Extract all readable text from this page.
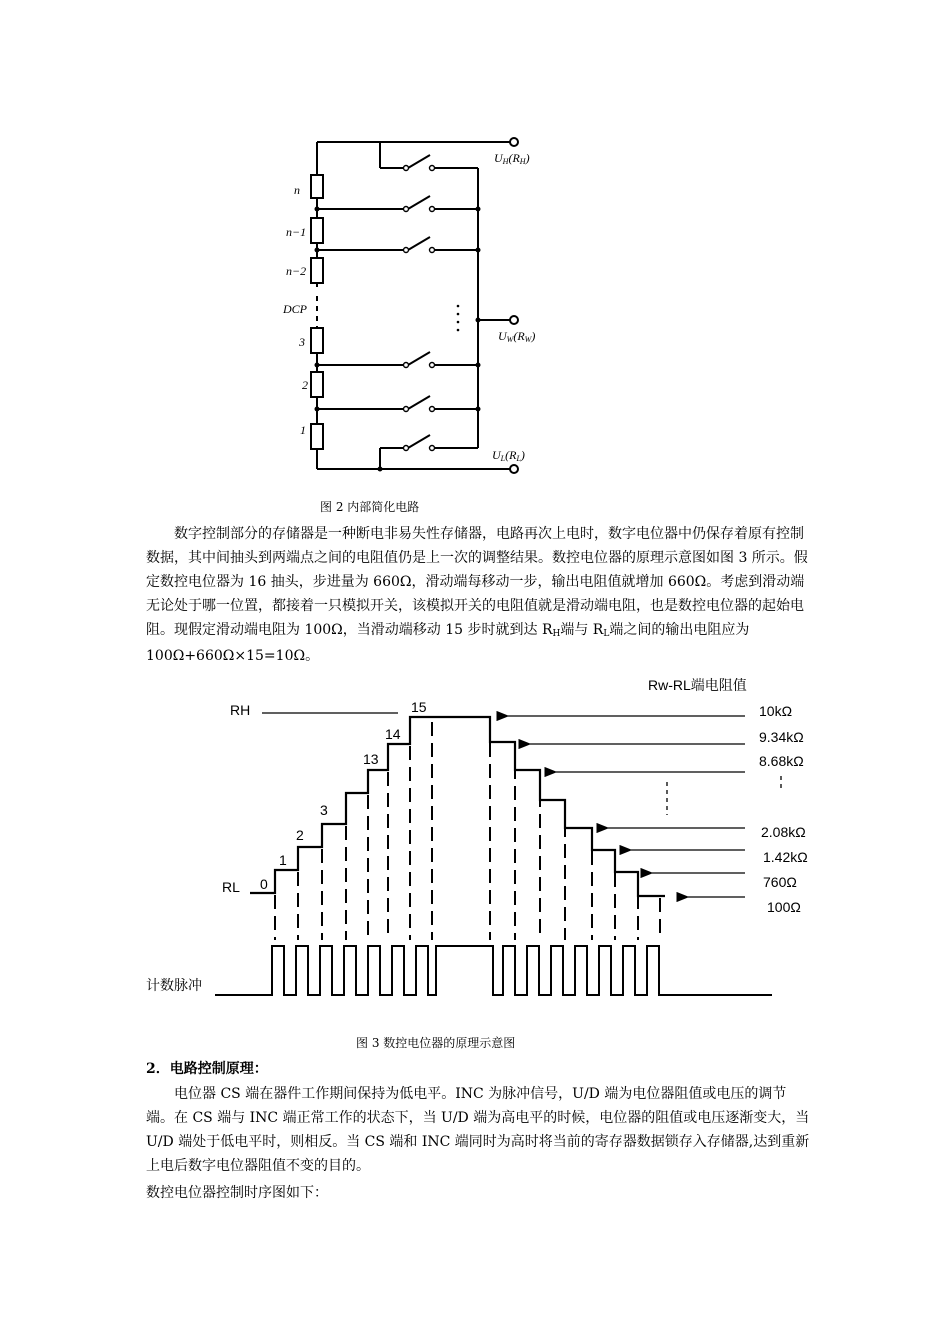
UH(RH)
UW(RW)
UL(RL)
n
n−1
n−2
DCP
3
2
1
图 2 内部简化电路

数字控制部分的存储器是一种断电非易失性存储器，电路再次上电时，数字电位器中仍保存着原有控制数据，其中间抽头到两端点之间的电阻值仍是上一次的调整结果。数控电位器的原理示意图如图 3 所示。假定数控电位器为 16 抽头，步进量为 660Ω，滑动端每移动一步，输出电阻值就增加 660Ω。考虑到滑动端无论处于哪一位置，都接着一只模拟开关，该模拟开关的电阻值就是滑动端电阻，也是数控电位器的起始电阻。现假定滑动端电阻为 100Ω，当滑动端移动 15 步时就到达 $R_H$端与 $R_L$端之间的输出电阻应为 100Ω+660Ω×15=10Ω。

Rw-RL端电阻值
RH
RL 0
1
2
3
13
14
15	10kΩ
9.34kΩ
8.68kΩ
2.08kΩ
1.42kΩ
760Ω
100Ω
计数脉冲
图 3 数控电位器的原理示意图
2．电路控制原理：

电位器 CS 端在器件工作期间保持为低电平。INC 为脉冲信号，U/D 端为电位器阻值或电压的调节端。在 CS 端与 INC 端正常工作的状态下，当 U/D 端为高电平的时候，电位器的阻值或电压逐渐变大，当 U/D 端处于低电平时，则相反。当 CS 端和 INC 端同时为高时将当前的寄存器数据锁存入存储器,达到重新上电后数字电位器阻值不变的目的。

数控电位器控制时序图如下：
